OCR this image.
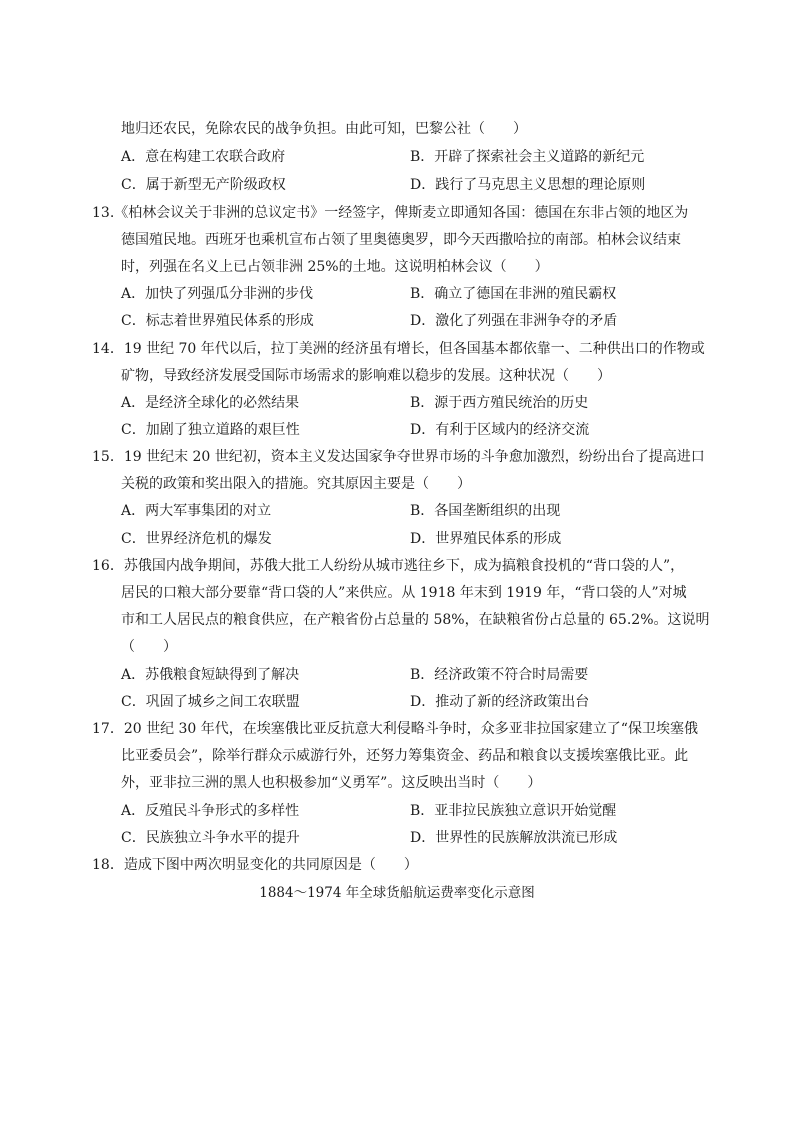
地归还农民，免除农民的战争负担。由此可知，巴黎公社（　　）
A．意在构建工农联合政府	B．开辟了探索社会主义道路的新纪元
C．属于新型无产阶级政权	D．践行了马克思主义思想的理论原则
13.《柏林会议关于非洲的总议定书》一经签字，俾斯麦立即通知各国：德国在东非占领的地区为
德国殖民地。西班牙也乘机宣布占领了里奥德奥罗，即今天西撒哈拉的南部。柏林会议结束
时，列强在名义上已占领非洲 25%的土地。这说明柏林会议（　　）
A．加快了列强瓜分非洲的步伐	B．确立了德国在非洲的殖民霸权
C．标志着世界殖民体系的形成	D．激化了列强在非洲争夺的矛盾
14．19 世纪 70 年代以后，拉丁美洲的经济虽有增长，但各国基本都依靠一、二种供出口的作物或
矿物，导致经济发展受国际市场需求的影响难以稳步的发展。这种状况（　　）
A．是经济全球化的必然结果	B．源于西方殖民统治的历史
C．加剧了独立道路的艰巨性	D．有利于区域内的经济交流
15．19 世纪末 20 世纪初，资本主义发达国家争夺世界市场的斗争愈加激烈，纷纷出台了提高进口
关税的政策和奖出限入的措施。究其原因主要是（　　）
A．两大军事集团的对立	B．各国垄断组织的出现
C．世界经济危机的爆发	D．世界殖民体系的形成
16．苏俄国内战争期间，苏俄大批工人纷纷从城市逃往乡下，成为搞粮食投机的“背口袋的人”，
居民的口粮大部分要靠“背口袋的人”来供应。从 1918 年末到 1919 年，“背口袋的人”对城
市和工人居民点的粮食供应，在产粮省份占总量的 58%，在缺粮省份占总量的 65.2%。这说明
（　　）
A．苏俄粮食短缺得到了解决	B．经济政策不符合时局需要
C．巩固了城乡之间工农联盟	D．推动了新的经济政策出台
17．20 世纪 30 年代，在埃塞俄比亚反抗意大利侵略斗争时，众多亚非拉国家建立了“保卫埃塞俄
比亚委员会”，除举行群众示威游行外，还努力筹集资金、药品和粮食以支援埃塞俄比亚。此
外，亚非拉三洲的黑人也积极参加“义勇军”。这反映出当时（　　）
A．反殖民斗争形式的多样性	B．亚非拉民族独立意识开始觉醒
C．民族独立斗争水平的提升	D．世界性的民族解放洪流已形成
18．造成下图中两次明显变化的共同原因是（　　）
1884～1974 年全球货船航运费率变化示意图
